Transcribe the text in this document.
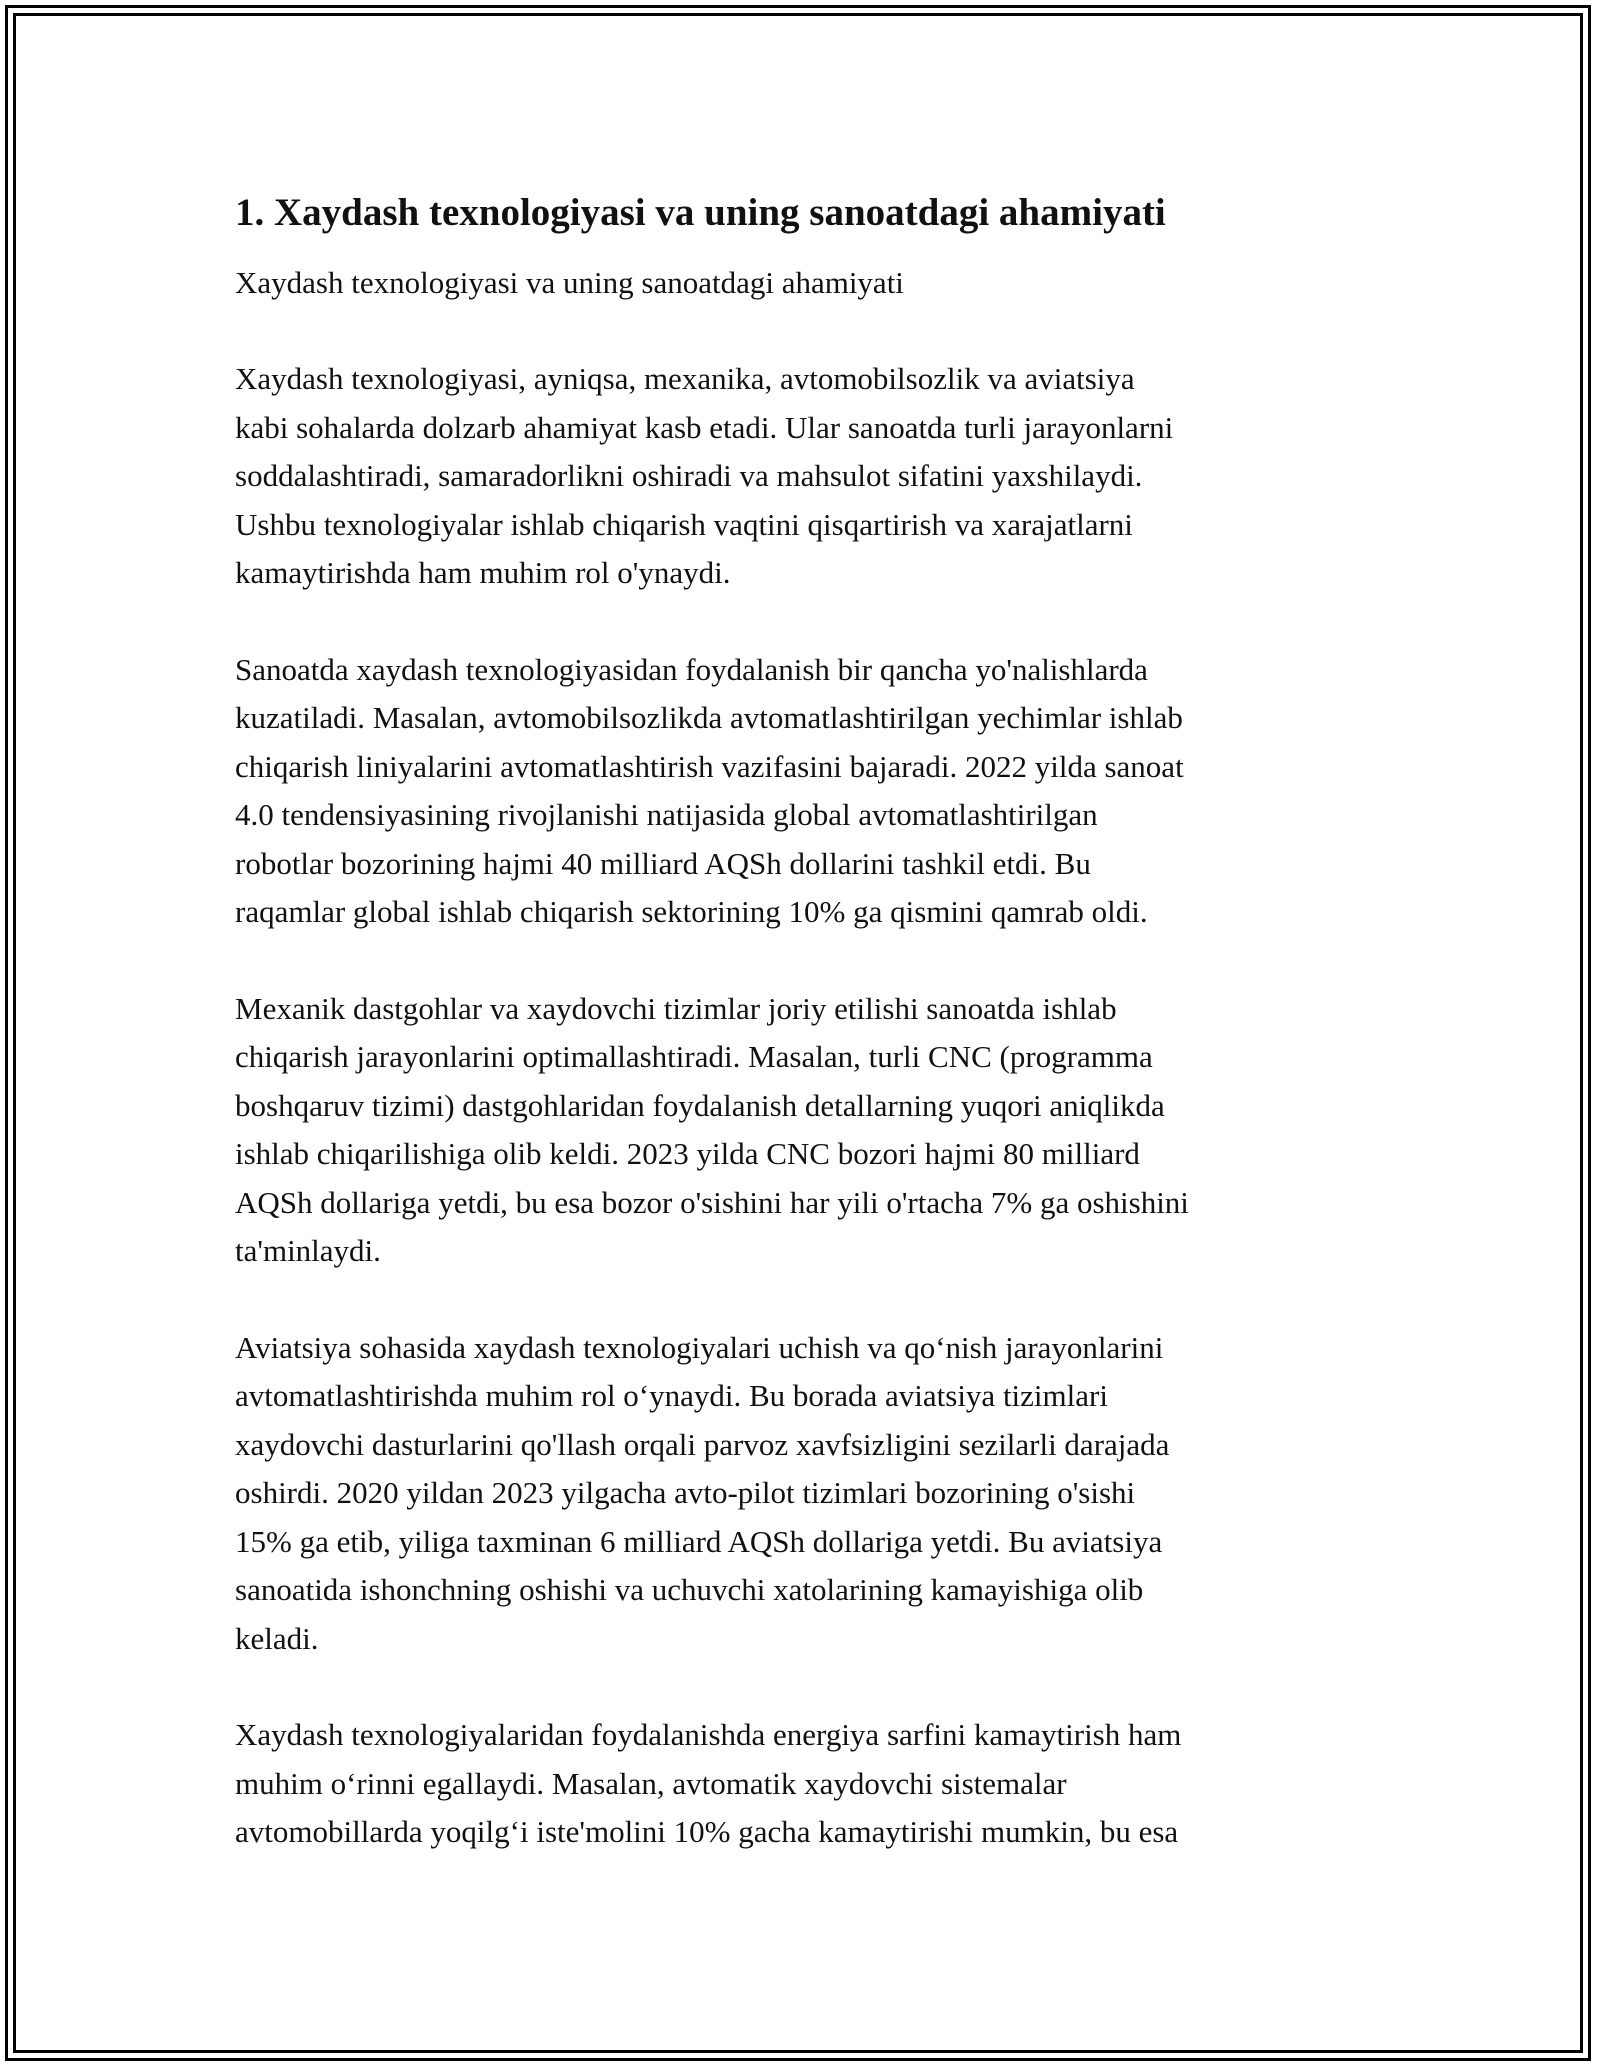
1. Xaydash texnologiyasi va uning sanoatdagi ahamiyati

Xaydash texnologiyasi va uning sanoatdagi ahamiyati

Xaydash texnologiyasi, ayniqsa, mexanika, avtomobilsozlik va aviatsiya
kabi sohalarda dolzarb ahamiyat kasb etadi. Ular sanoatda turli jarayonlarni
soddalashtiradi, samaradorlikni oshiradi va mahsulot sifatini yaxshilaydi.
Ushbu texnologiyalar ishlab chiqarish vaqtini qisqartirish va xarajatlarni
kamaytirishda ham muhim rol o'ynaydi.
Sanoatda xaydash texnologiyasidan foydalanish bir qancha yo'nalishlarda
kuzatiladi. Masalan, avtomobilsozlikda avtomatlashtirilgan yechimlar ishlab
chiqarish liniyalarini avtomatlashtirish vazifasini bajaradi. 2022 yilda sanoat
4.0 tendensiyasining rivojlanishi natijasida global avtomatlashtirilgan
robotlar bozorining hajmi 40 milliard AQSh dollarini tashkil etdi. Bu
raqamlar global ishlab chiqarish sektorining 10% ga qismini qamrab oldi.
Mexanik dastgohlar va xaydovchi tizimlar joriy etilishi sanoatda ishlab
chiqarish jarayonlarini optimallashtiradi. Masalan, turli CNC (programma
boshqaruv tizimi) dastgohlaridan foydalanish detallarning yuqori aniqlikda
ishlab chiqarilishiga olib keldi. 2023 yilda CNC bozori hajmi 80 milliard
AQSh dollariga yetdi, bu esa bozor o'sishini har yili o'rtacha 7% ga oshishini
ta'minlaydi.
Aviatsiya sohasida xaydash texnologiyalari uchish va qo‘nish jarayonlarini
avtomatlashtirishda muhim rol o‘ynaydi. Bu borada aviatsiya tizimlari
xaydovchi dasturlarini qo'llash orqali parvoz xavfsizligini sezilarli darajada
oshirdi. 2020 yildan 2023 yilgacha avto-pilot tizimlari bozorining o'sishi
15% ga etib, yiliga taxminan 6 milliard AQSh dollariga yetdi. Bu aviatsiya
sanoatida ishonchning oshishi va uchuvchi xatolarining kamayishiga olib
keladi.
Xaydash texnologiyalaridan foydalanishda energiya sarfini kamaytirish ham
muhim o‘rinni egallaydi. Masalan, avtomatik xaydovchi sistemalar
avtomobillarda yoqilg‘i iste'molini 10% gacha kamaytirishi mumkin, bu esa
